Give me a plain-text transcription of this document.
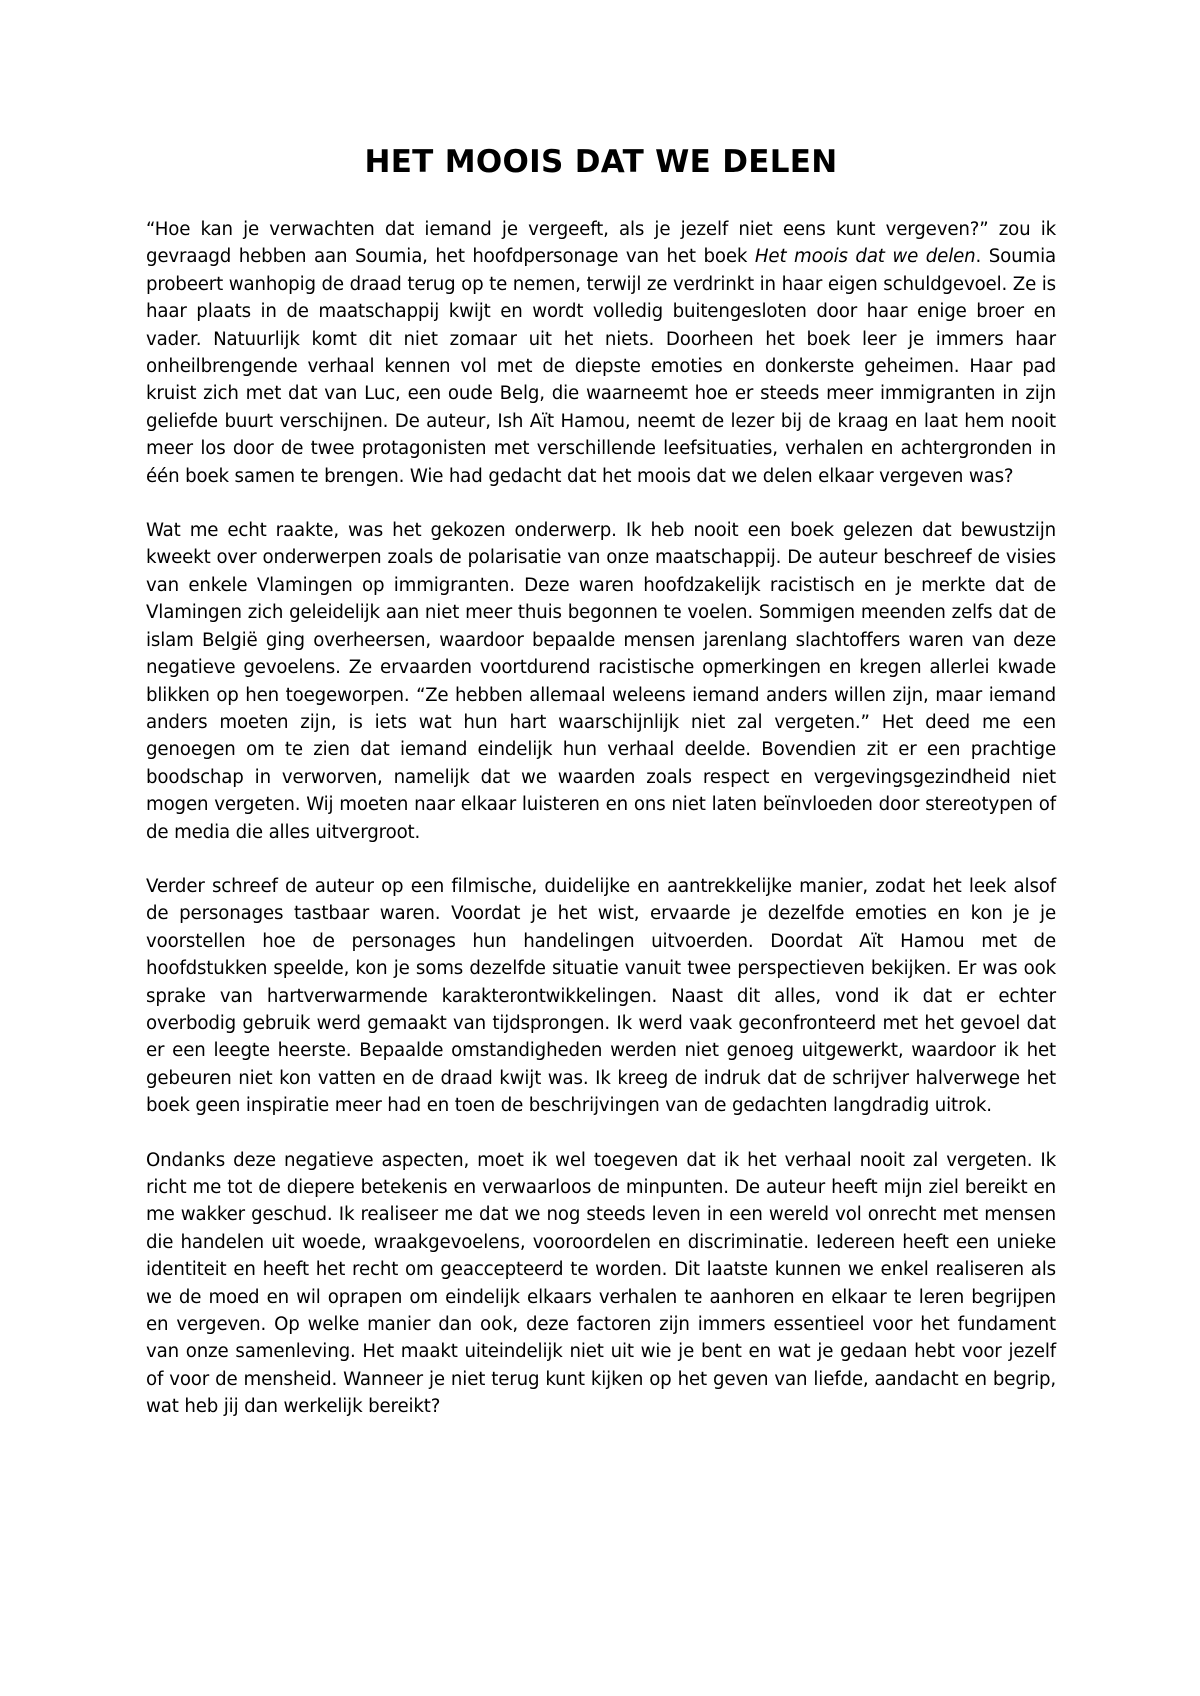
HET MOOIS DAT WE DELEN

“Hoe kan je verwachten dat iemand je vergeeft, als je jezelf niet eens kunt vergeven?” zou ik gevraagd hebben aan Soumia, het hoofdpersonage van het boek Het moois dat we delen. Soumia probeert wanhopig de draad terug op te nemen, terwijl ze verdrinkt in haar eigen schuldgevoel. Ze is haar plaats in de maatschappij kwijt en wordt volledig buitengesloten door haar enige broer en vader. Natuurlijk komt dit niet zomaar uit het niets. Doorheen het boek leer je immers haar onheilbrengende verhaal kennen vol met de diepste emoties en donkerste geheimen. Haar pad kruist zich met dat van Luc, een oude Belg, die waarneemt hoe er steeds meer immigranten in zijn geliefde buurt verschijnen. De auteur, Ish Aït Hamou, neemt de lezer bij de kraag en laat hem nooit meer los door de twee protagonisten met verschillende leefsituaties, verhalen en achtergronden in één boek samen te brengen. Wie had gedacht dat het moois dat we delen elkaar vergeven was?

Wat me echt raakte, was het gekozen onderwerp. Ik heb nooit een boek gelezen dat bewustzijn kweekt over onderwerpen zoals de polarisatie van onze maatschappij. De auteur beschreef de visies van enkele Vlamingen op immigranten. Deze waren hoofdzakelijk racistisch en je merkte dat de Vlamingen zich geleidelijk aan niet meer thuis begonnen te voelen. Sommigen meenden zelfs dat de islam België ging overheersen, waardoor bepaalde mensen jarenlang slachtoffers waren van deze negatieve gevoelens. Ze ervaarden voortdurend racistische opmerkingen en kregen allerlei kwade blikken op hen toegeworpen. “Ze hebben allemaal weleens iemand anders willen zijn, maar iemand anders moeten zijn, is iets wat hun hart waarschijnlijk niet zal vergeten.” Het deed me een genoegen om te zien dat iemand eindelijk hun verhaal deelde. Bovendien zit er een prachtige boodschap in verworven, namelijk dat we waarden zoals respect en vergevingsgezindheid niet mogen vergeten. Wij moeten naar elkaar luisteren en ons niet laten beïnvloeden door stereotypen of de media die alles uitvergroot.

Verder schreef de auteur op een filmische, duidelijke en aantrekkelijke manier, zodat het leek alsof de personages tastbaar waren. Voordat je het wist, ervaarde je dezelfde emoties en kon je je voorstellen hoe de personages hun handelingen uitvoerden. Doordat Aït Hamou met de hoofdstukken speelde, kon je soms dezelfde situatie vanuit twee perspectieven bekijken. Er was ook sprake van hartverwarmende karakterontwikkelingen. Naast dit alles, vond ik dat er echter overbodig gebruik werd gemaakt van tijdsprongen. Ik werd vaak geconfronteerd met het gevoel dat er een leegte heerste. Bepaalde omstandigheden werden niet genoeg uitgewerkt, waardoor ik het gebeuren niet kon vatten en de draad kwijt was. Ik kreeg de indruk dat de schrijver halverwege het boek geen inspiratie meer had en toen de beschrijvingen van de gedachten langdradig uitrok.

Ondanks deze negatieve aspecten, moet ik wel toegeven dat ik het verhaal nooit zal vergeten. Ik richt me tot de diepere betekenis en verwaarloos de minpunten. De auteur heeft mijn ziel bereikt en me wakker geschud. Ik realiseer me dat we nog steeds leven in een wereld vol onrecht met mensen die handelen uit woede, wraakgevoelens, vooroordelen en discriminatie. Iedereen heeft een unieke identiteit en heeft het recht om geaccepteerd te worden. Dit laatste kunnen we enkel realiseren als we de moed en wil oprapen om eindelijk elkaars verhalen te aanhoren en elkaar te leren begrijpen en vergeven. Op welke manier dan ook, deze factoren zijn immers essentieel voor het fundament van onze samenleving. Het maakt uiteindelijk niet uit wie je bent en wat je gedaan hebt voor jezelf of voor de mensheid. Wanneer je niet terug kunt kijken op het geven van liefde, aandacht en begrip, wat heb jij dan werkelijk bereikt?
